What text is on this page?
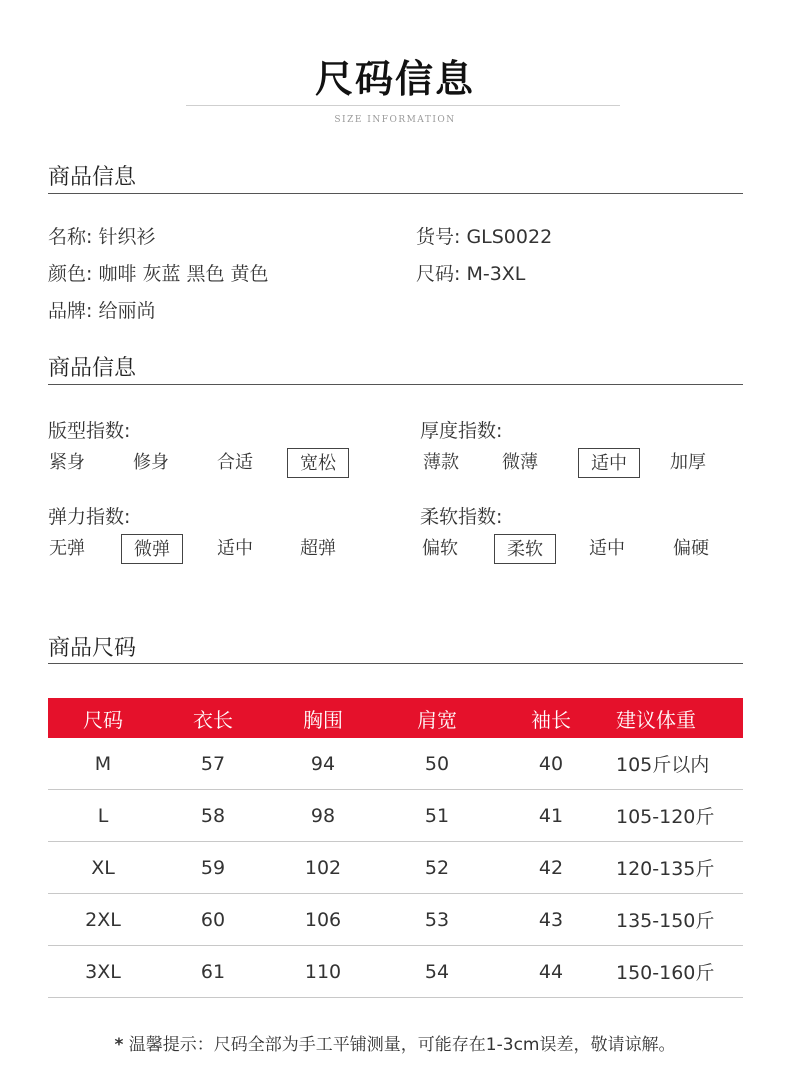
尺码信息
SIZE INFORMATION
商品信息
名称: 针织衫	货号: GLS0022
颜色: 咖啡 灰蓝 黑色 黄色	尺码: M-3XL
品牌: 给丽尚
商品信息
版型指数:
紧身	修身	合适	宽松
厚度指数:
薄款	微薄	适中	加厚
弹力指数:
无弹	微弹	适中	超弹
柔软指数:
偏软	柔软	适中	偏硬
商品尺码
尺码	衣长	胸围	肩宽	袖长	建议体重
M	57	94	50	40	105斤以内
L	58	98	51	41	105-120斤
XL	59	102	52	42	120-135斤
2XL	60	106	53	43	135-150斤
3XL	61	110	54	44	150-160斤
* 温馨提示：尺码全部为手工平铺测量，可能存在1-3cm误差，敬请谅解。
